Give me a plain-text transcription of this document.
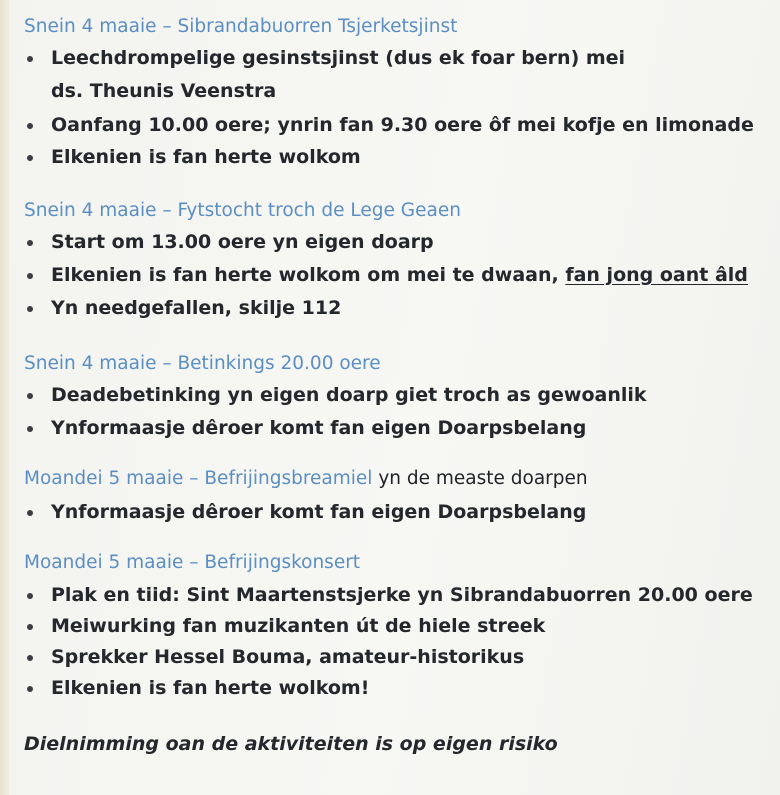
Snein 4 maaie – Sibrandabuorren Tsjerketsjinst
Leechdrompelige gesinstsjinst (dus ek foar bern) mei
ds. Theunis Veenstra
Oanfang 10.00 oere; ynrin fan 9.30 oere ôf mei kofje en limonade
Elkenien is fan herte wolkom
Snein 4 maaie – Fytstocht troch de Lege Geaen
Start om 13.00 oere yn eigen doarp
Elkenien is fan herte wolkom om mei te dwaan, fan jong oant âld
Yn needgefallen, skilje 112
Snein 4 maaie – Betinkings 20.00 oere
Deadebetinking yn eigen doarp giet troch as gewoanlik
Ynformaasje dêroer komt fan eigen Doarpsbelang
Moandei 5 maaie – Befrijingsbreamiel yn de measte doarpen
Ynformaasje dêroer komt fan eigen Doarpsbelang
Moandei 5 maaie – Befrijingskonsert
Plak en tiid: Sint Maartenstsjerke yn Sibrandabuorren 20.00 oere
Meiwurking fan muzikanten út de hiele streek
Sprekker Hessel Bouma, amateur-historikus
Elkenien is fan herte wolkom!
Dielnimming oan de aktiviteiten is op eigen risiko
